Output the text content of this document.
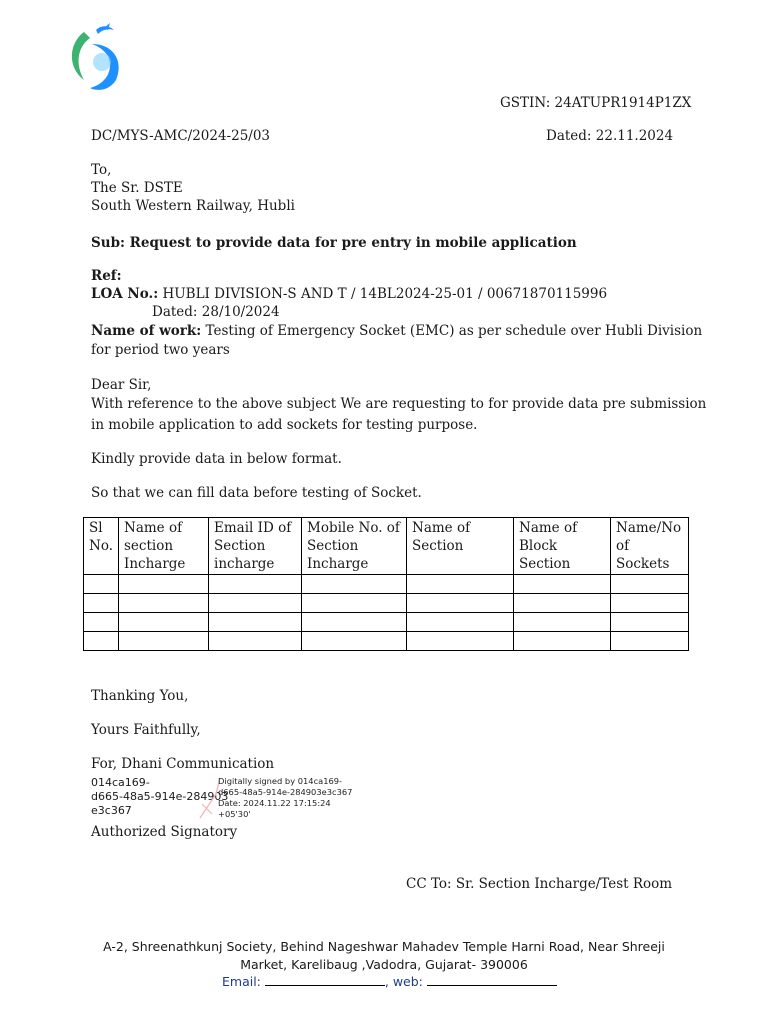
GSTIN: 24ATUPR1914P1ZX
DC/MYS-AMC/2024-25/03	Dated: 22.11.2024
To,
The Sr. DSTE
South Western Railway, Hubli
Sub: Request to provide data for pre entry in mobile application
Ref:
LOA No.: HUBLI DIVISION-S AND T / 14BL2024-25-01 / 00671870115996
Dated: 28/10/2024
Name of work: Testing of Emergency Socket (EMC) as per schedule over Hubli Division
for period two years
Dear Sir,
With reference to the above subject We are requesting to for provide data pre submission
in mobile application to add sockets for testing purpose.
Kindly provide data in below format.
So that we can fill data before testing of Socket.
Sl
No.	Name of
section
Incharge	Email ID of
Section
incharge	Mobile No. of
Section
Incharge	Name of
Section	Name of
Block
Section	Name/No
of Sockets

Thanking You,
Yours Faithfully,
For, Dhani Communication
014ca169-
d665-48a5-914e-284903
e3c367
Digitally signed by 014ca169-
d665-48a5-914e-284903e3c367
Date: 2024.11.22 17:15:24
+05'30'
Authorized Signatory
CC To: Sr. Section Incharge/Test Room
A-2, Shreenathkunj Society, Behind Nageshwar Mahadev Temple Harni Road, Near Shreeji
Market, Karelibaug ,Vadodra, Gujarat- 390006
Email:	, web:
